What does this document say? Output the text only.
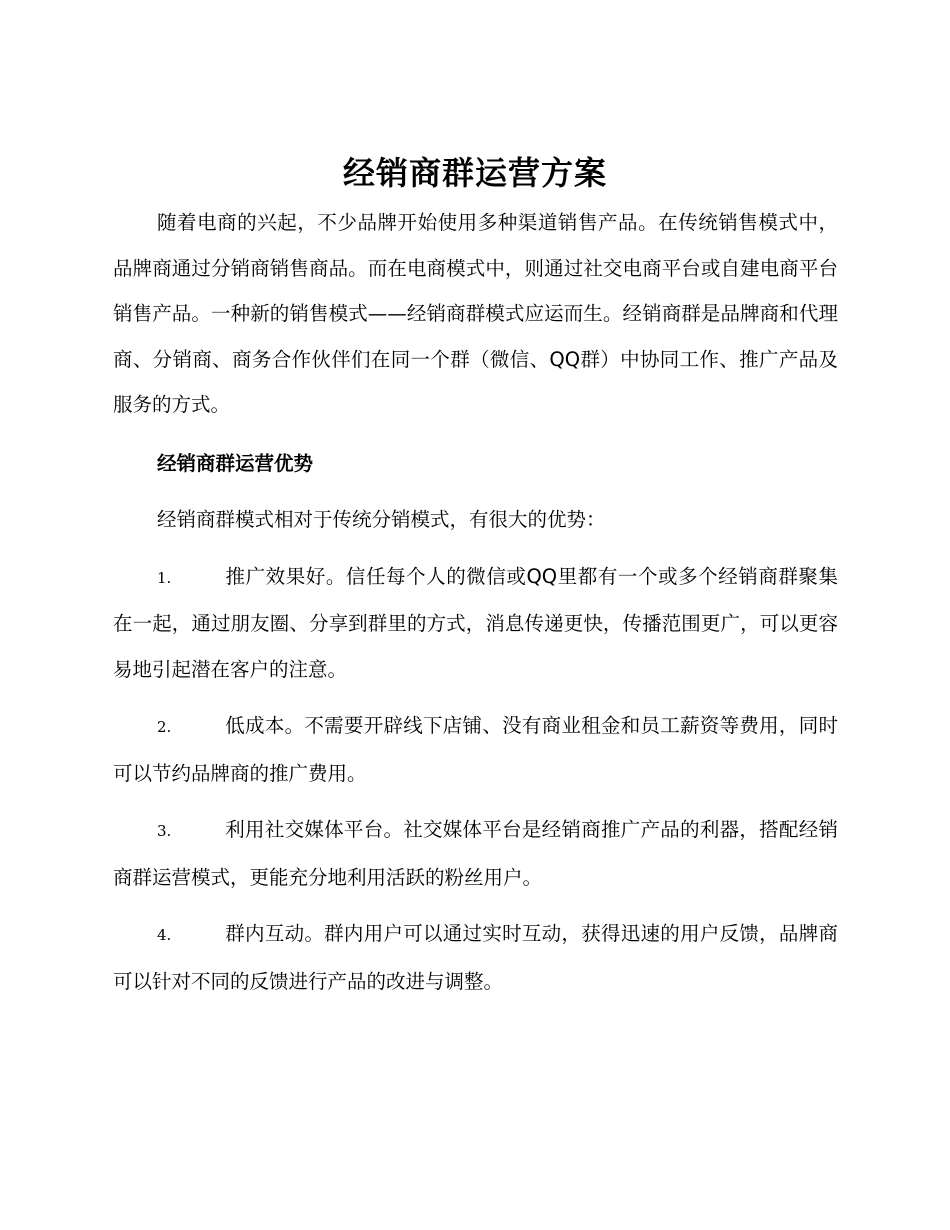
经销商群运营方案

随着电商的兴起，不少品牌开始使用多种渠道销售产品。在传统销售模式中，品牌商通过分销商销售商品。而在电商模式中，则通过社交电商平台或自建电商平台销售产品。一种新的销售模式——经销商群模式应运而生。经销商群是品牌商和代理商、分销商、商务合作伙伴们在同一个群（微信、QQ群）中协同工作、推广产品及服务的方式。

经销商群运营优势

经销商群模式相对于传统分销模式，有很大的优势：

1.	推广效果好。信任每个人的微信或QQ里都有一个或多个经销商群聚集在一起，通过朋友圈、分享到群里的方式，消息传递更快，传播范围更广，可以更容易地引起潜在客户的注意。

2.	低成本。不需要开辟线下店铺、没有商业租金和员工薪资等费用，同时可以节约品牌商的推广费用。

3.	利用社交媒体平台。社交媒体平台是经销商推广产品的利器，搭配经销商群运营模式，更能充分地利用活跃的粉丝用户。

4.	群内互动。群内用户可以通过实时互动，获得迅速的用户反馈，品牌商可以针对不同的反馈进行产品的改进与调整。
